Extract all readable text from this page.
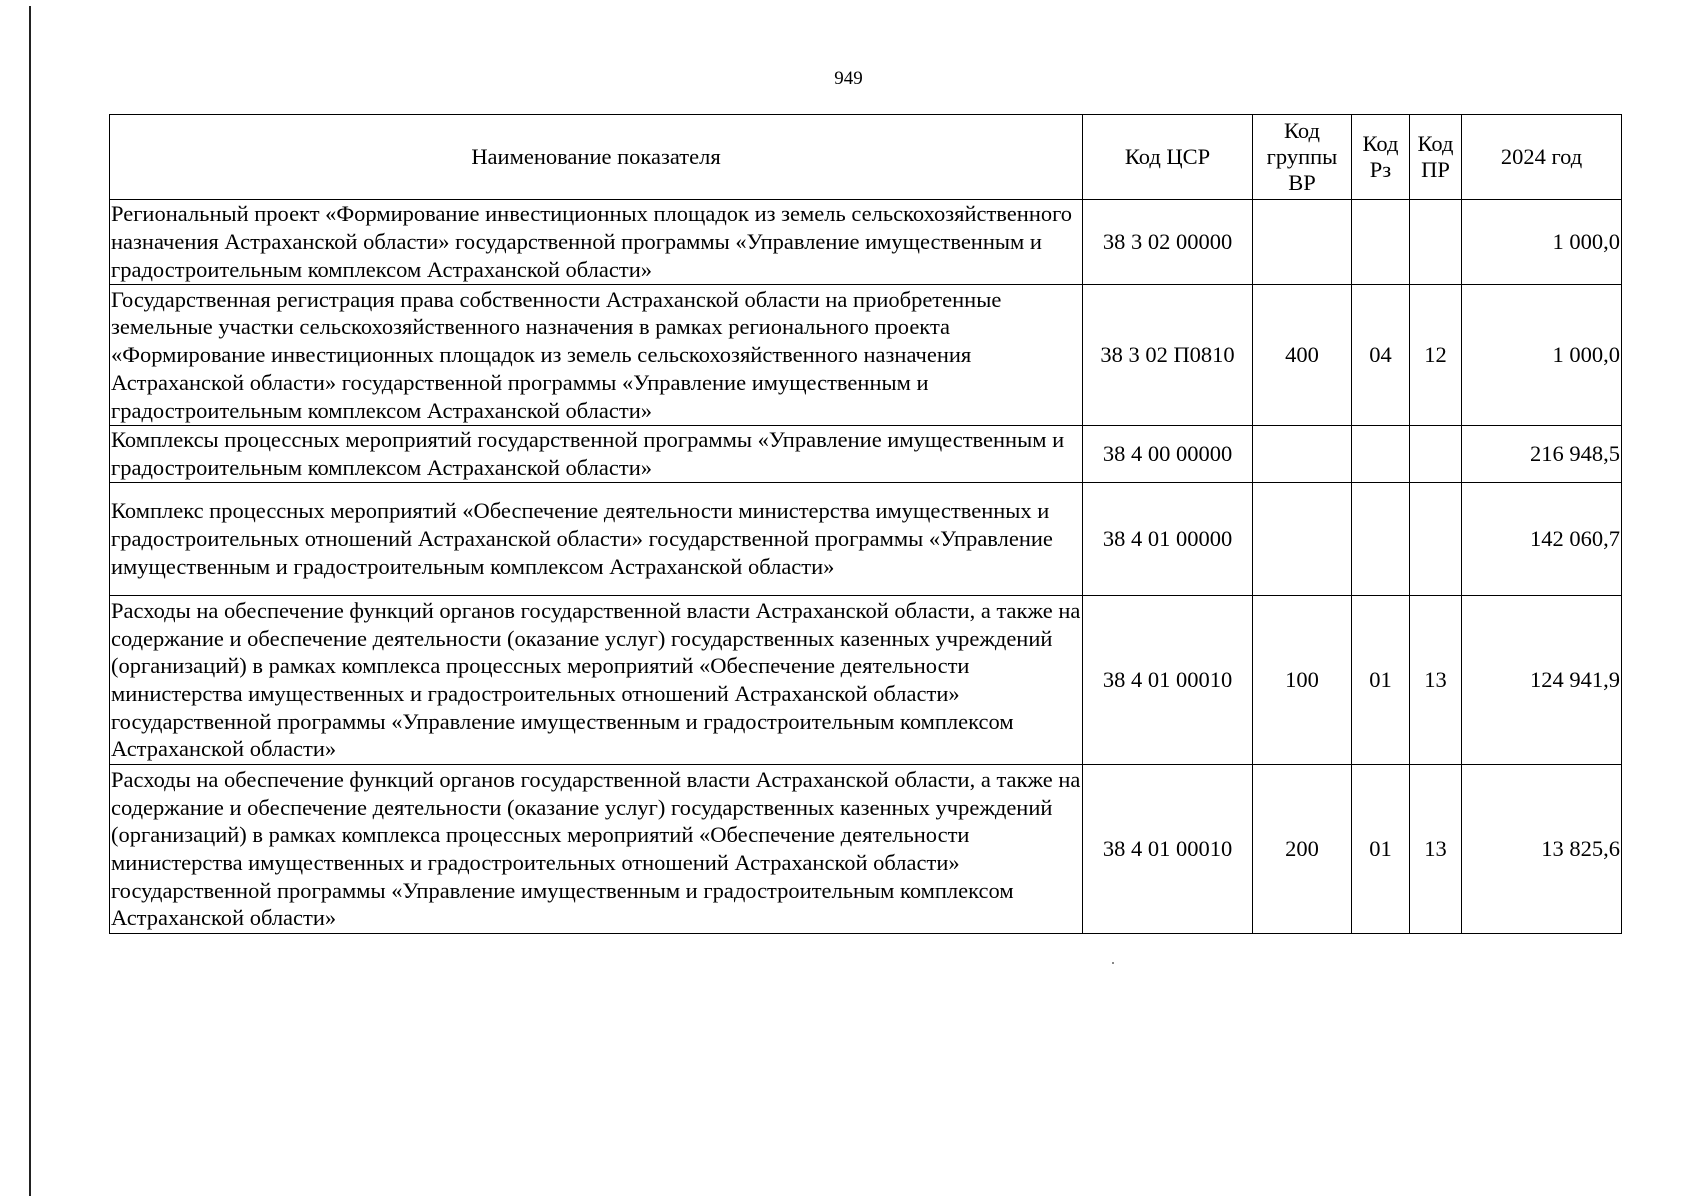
949
Наименование показателя	Код ЦСР	Код группы ВР	Код Рз	Код ПР	2024 год
Региональный проект «Формирование инвестиционных площадок из земель сельскохозяйственного назначения Астраханской области» государственной программы «Управление имущественным и градостроительным комплексом Астраханской области»	38 3 02 00000				1 000,0
Государственная регистрация права собственности Астраханской области на приобретенные земельные участки сельскохозяйственного назначения в рамках регионального проекта «Формирование инвестиционных площадок из земель сельскохозяйственного назначения Астраханской области» государственной программы «Управление имущественным и градостроительным комплексом Астраханской области»	38 3 02 П0810	400	04	12	1 000,0
Комплексы процессных мероприятий государственной программы «Управление имущественным и градостроительным комплексом Астраханской области»	38 4 00 00000				216 948,5
Комплекс процессных мероприятий «Обеспечение деятельности министерства имущественных и градостроительных отношений Астраханской области» государственной программы «Управление имущественным и градостроительным комплексом Астраханской области»	38 4 01 00000				142 060,7
Расходы на обеспечение функций органов государственной власти Астраханской области, а также на содержание и обеспечение деятельности (оказание услуг) государственных казенных учреждений (организаций) в рамках комплекса процессных мероприятий «Обеспечение деятельности министерства имущественных и градостроительных отношений Астраханской области» государственной программы «Управление имущественным и градостроительным комплексом Астраханской области»	38 4 01 00010	100	01	13	124 941,9
Расходы на обеспечение функций органов государственной власти Астраханской области, а также на содержание и обеспечение деятельности (оказание услуг) государственных казенных учреждений (организаций) в рамках комплекса процессных мероприятий «Обеспечение деятельности министерства имущественных и градостроительных отношений Астраханской области» государственной программы «Управление имущественным и градостроительным комплексом Астраханской области»	38 4 01 00010	200	01	13	13 825,6
